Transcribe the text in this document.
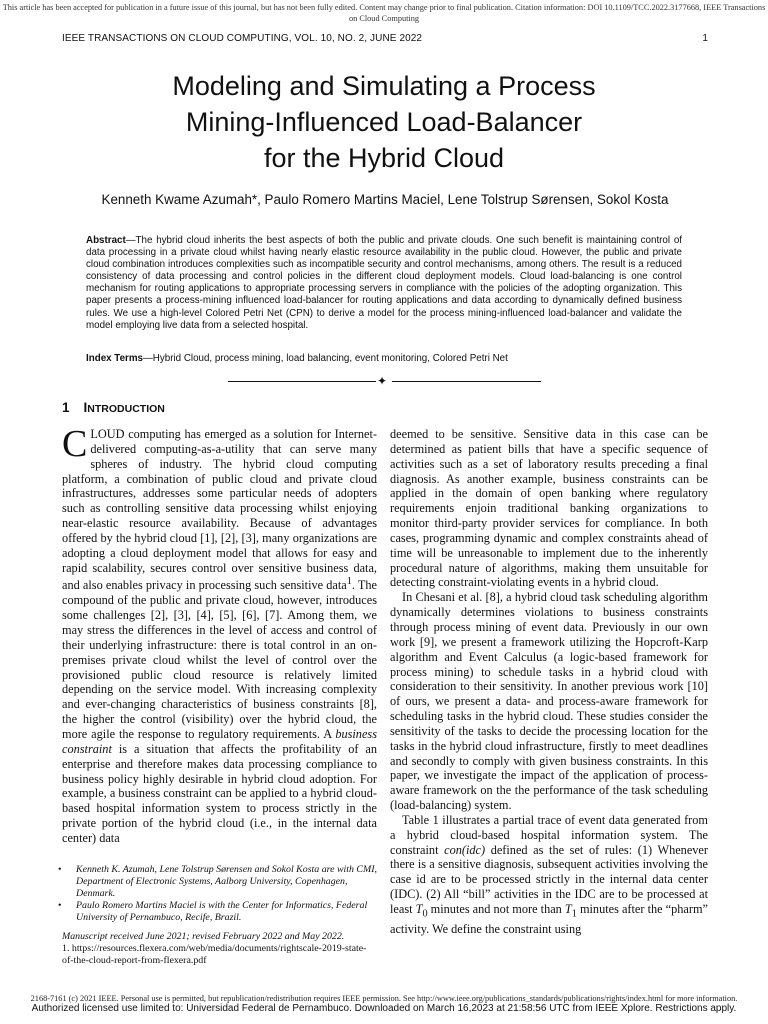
This article has been accepted for publication in a future issue of this journal, but has not been fully edited. Content may change prior to final publication. Citation information: DOI 10.1109/TCC.2022.3177668, IEEE Transactions on Cloud Computing
IEEE TRANSACTIONS ON CLOUD COMPUTING, VOL. 10, NO. 2, JUNE 2022	1
Modeling and Simulating a Process
Mining-Influenced Load-Balancer
for the Hybrid Cloud
Kenneth Kwame Azumah*, Paulo Romero Martins Maciel, Lene Tolstrup Sørensen, Sokol Kosta
Abstract—The hybrid cloud inherits the best aspects of both the public and private clouds. One such benefit is maintaining control of data processing in a private cloud whilst having nearly elastic resource availability in the public cloud. However, the public and private cloud combination introduces complexities such as incompatible security and control mechanisms, among others. The result is a reduced consistency of data processing and control policies in the different cloud deployment models. Cloud load-balancing is one control mechanism for routing applications to appropriate processing servers in compliance with the policies of the adopting organization. This paper presents a process-mining influenced load-balancer for routing applications and data according to dynamically defined business rules. We use a high-level Colored Petri Net (CPN) to derive a model for the process mining-influenced load-balancer and validate the model employing live data from a selected hospital.
Index Terms—Hybrid Cloud, process mining, load balancing, event monitoring, Colored Petri Net
✦
1 INTRODUCTION

CLOUD computing has emerged as a solution for Internet-delivered computing-as-a-utility that can serve many spheres of industry. The hybrid cloud computing platform, a combination of public cloud and private cloud infrastructures, addresses some particular needs of adopters such as controlling sensitive data processing whilst enjoying near-elastic resource availability. Because of advantages offered by the hybrid cloud [1], [2], [3], many organizations are adopting a cloud deployment model that allows for easy and rapid scalability, secures control over sensitive business data, and also enables privacy in processing such sensitive data$^1$. The compound of the public and private cloud, however, introduces some challenges [2], [3], [4], [5], [6], [7]. Among them, we may stress the differences in the level of access and control of their underlying infrastructure: there is total control in an on-premises private cloud whilst the level of control over the provisioned public cloud resource is relatively limited depending on the service model. With increasing complexity and ever-changing characteristics of business constraints [8], the higher the control (visibility) over the hybrid cloud, the more agile the response to regulatory requirements. A business constraint is a situation that affects the profitability of an enterprise and therefore makes data processing compliance to business policy highly desirable in hybrid cloud adoption. For example, a business constraint can be applied to a hybrid cloud-based hospital information system to process strictly in the private portion of the hybrid cloud (i.e., in the internal data center) data

deemed to be sensitive. Sensitive data in this case can be determined as patient bills that have a specific sequence of activities such as a set of laboratory results preceding a final diagnosis. As another example, business constraints can be applied in the domain of open banking where regulatory requirements enjoin traditional banking organizations to monitor third-party provider services for compliance. In both cases, programming dynamic and complex constraints ahead of time will be unreasonable to implement due to the inherently procedural nature of algorithms, making them unsuitable for detecting constraint-violating events in a hybrid cloud.

In Chesani et al. [8], a hybrid cloud task scheduling algorithm dynamically determines violations to business constraints through process mining of event data. Previously in our own work [9], we present a framework utilizing the Hopcroft-Karp algorithm and Event Calculus (a logic-based framework for process mining) to schedule tasks in a hybrid cloud with consideration to their sensitivity. In another previous work [10] of ours, we present a data- and process-aware framework for scheduling tasks in the hybrid cloud. These studies consider the sensitivity of the tasks to decide the processing location for the tasks in the hybrid cloud infrastructure, firstly to meet deadlines and secondly to comply with given business constraints. In this paper, we investigate the impact of the application of process-aware framework on the the performance of the task scheduling (load-balancing) system.

Table 1 illustrates a partial trace of event data generated from a hybrid cloud-based hospital information system. The constraint con(idc) defined as the set of rules: (1) Whenever there is a sensitive diagnosis, subsequent activities involving the case id are to be processed strictly in the internal data center (IDC). (2) All “bill” activities in the IDC are to be processed at least $T_0$ minutes and not more than $T_1$ minutes after the “pharm” activity. We define the constraint using

• Kenneth K. Azumah, Lene Tolstrup Sørensen and Sokol Kosta are with CMI, Department of Electronic Systems, Aalborg University, Copenhagen, Denmark.
• Paulo Romero Martins Maciel is with the Center for Informatics, Federal University of Pernambuco, Recife, Brazil.
Manuscript received June 2021; revised February 2022 and May 2022.
1. https://resources.flexera.com/web/media/documents/rightscale-2019-state-of-the-cloud-report-from-flexera.pdf
2168-7161 (c) 2021 IEEE. Personal use is permitted, but republication/redistribution requires IEEE permission. See http://www.ieee.org/publications_standards/publications/rights/index.html for more information.
Authorized licensed use limited to: Universidad Federal de Pernambuco. Downloaded on March 16,2023 at 21:58:56 UTC from IEEE Xplore. Restrictions apply.
